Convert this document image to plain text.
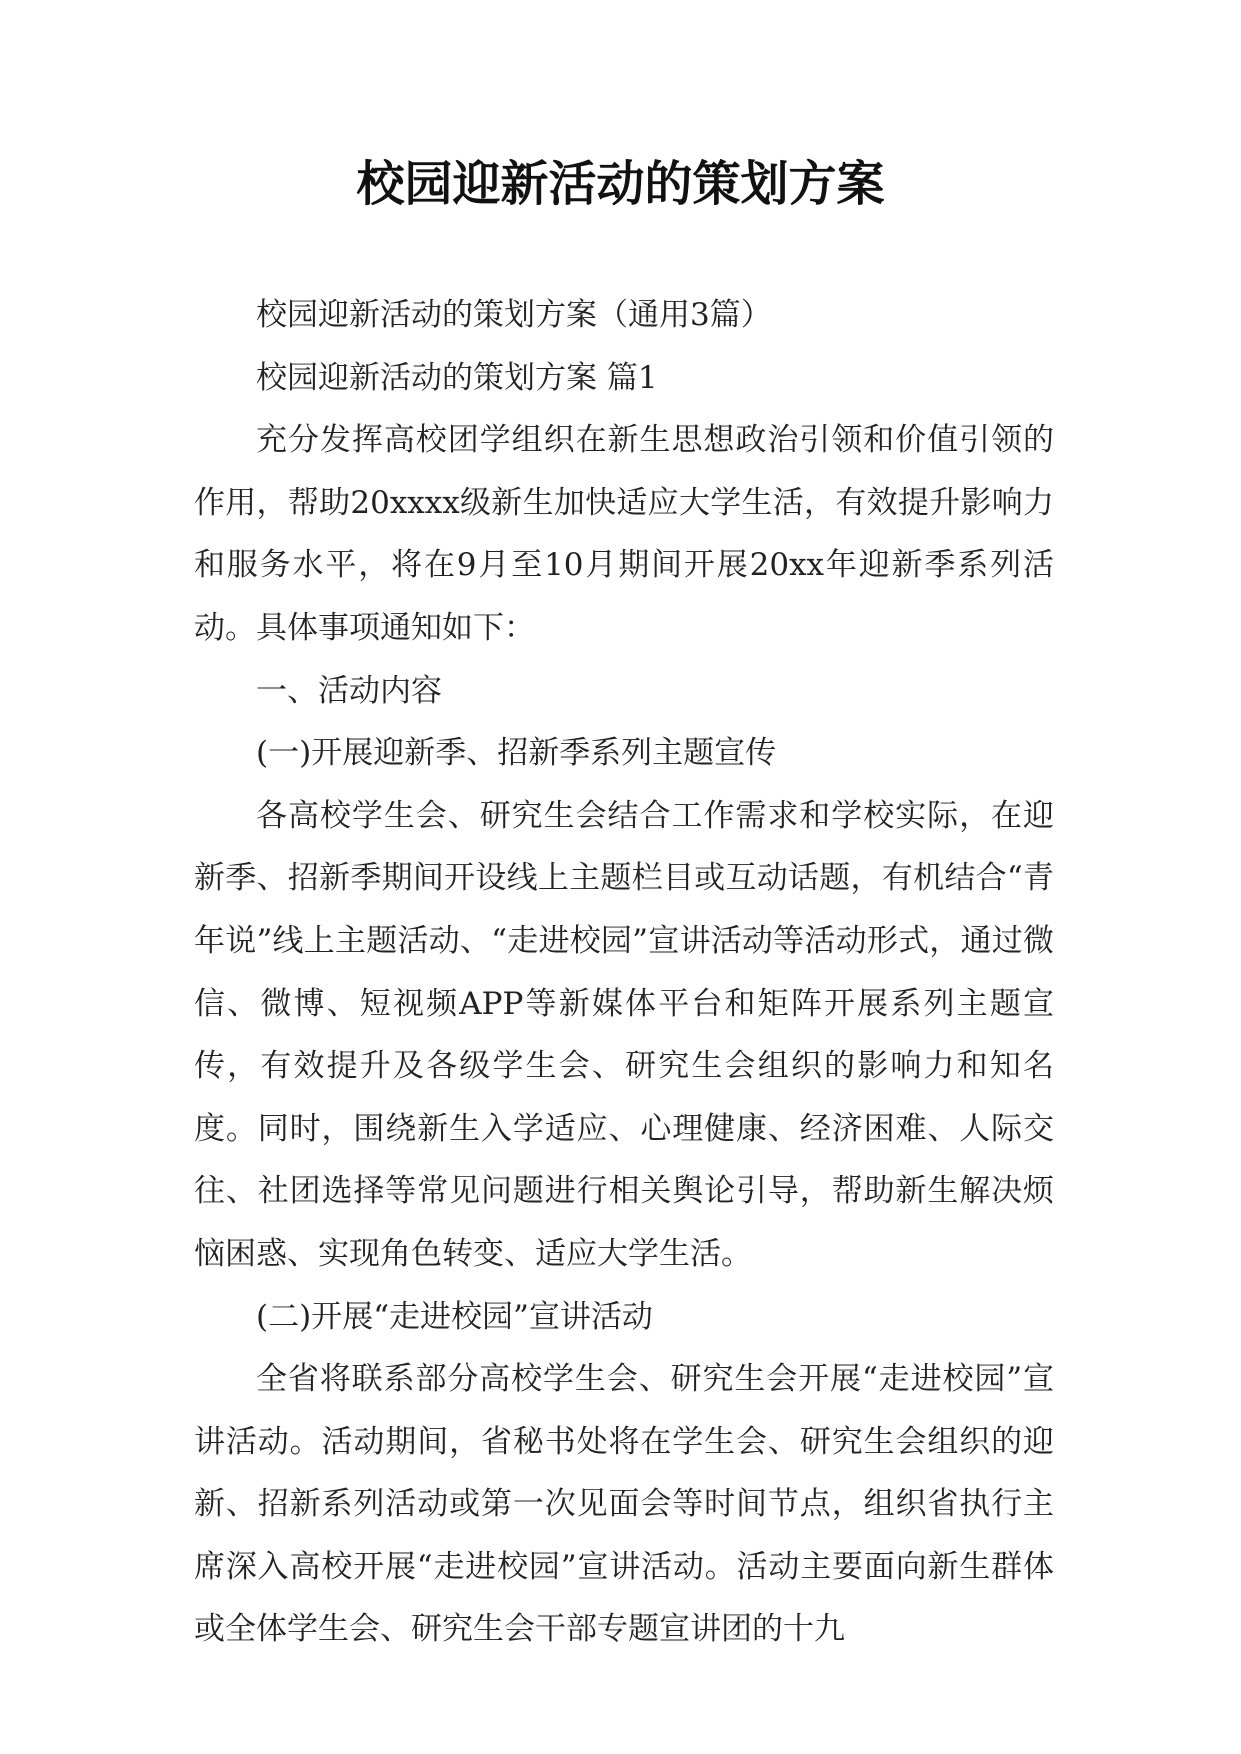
校园迎新活动的策划方案

校园迎新活动的策划方案（通用3篇）

校园迎新活动的策划方案 篇1

充分发挥高校团学组织在新生思想政治引领和价值引领的作用，帮助20xxxx级新生加快适应大学生活，有效提升影响力和服务水平，将在9月至10月期间开展20xx年迎新季系列活动。具体事项通知如下：

一、活动内容

(一)开展迎新季、招新季系列主题宣传

各高校学生会、研究生会结合工作需求和学校实际，在迎新季、招新季期间开设线上主题栏目或互动话题，有机结合“青年说”线上主题活动、“走进校园”宣讲活动等活动形式，通过微信、微博、短视频APP等新媒体平台和矩阵开展系列主题宣传，有效提升及各级学生会、研究生会组织的影响力和知名度。同时，围绕新生入学适应、心理健康、经济困难、人际交往、社团选择等常见问题进行相关舆论引导，帮助新生解决烦恼困惑、实现角色转变、适应大学生活。

(二)开展“走进校园”宣讲活动

全省将联系部分高校学生会、研究生会开展“走进校园”宣讲活动。活动期间，省秘书处将在学生会、研究生会组织的迎新、招新系列活动或第一次见面会等时间节点，组织省执行主席深入高校开展“走进校园”宣讲活动。活动主要面向新生群体或全体学生会、研究生会干部专题宣讲团的十九
